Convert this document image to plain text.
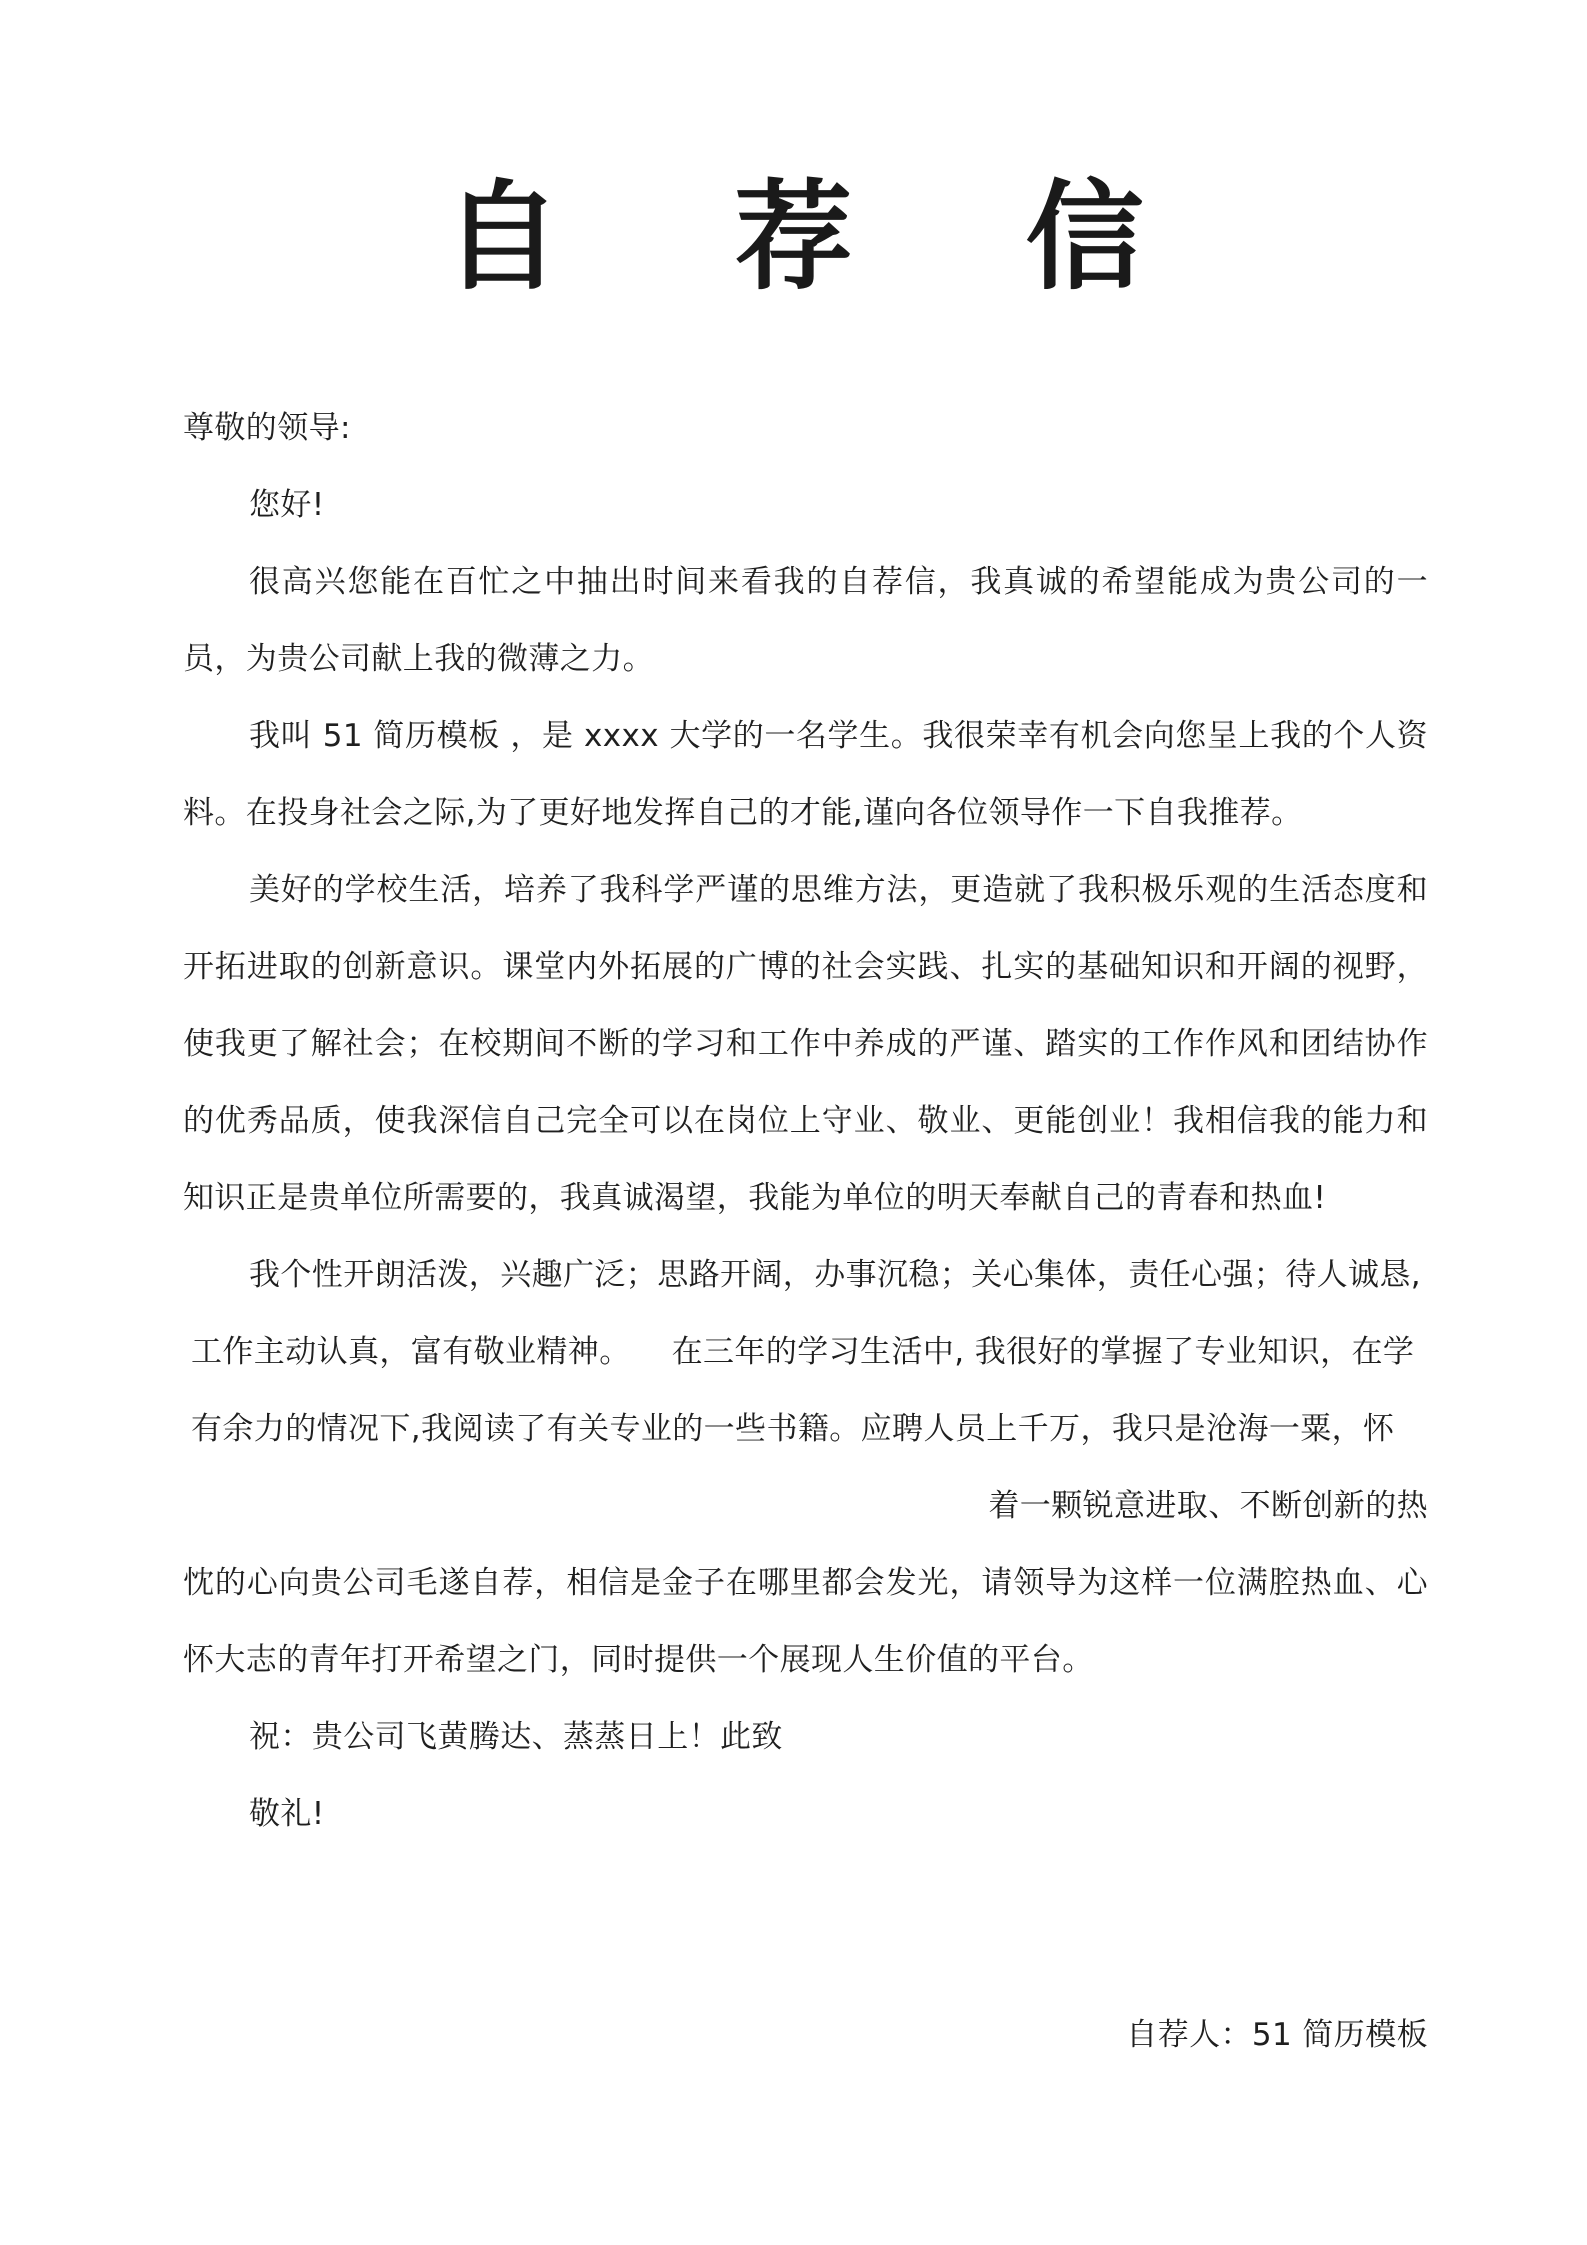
自 荐 信

尊敬的领导:

您好!

很高兴您能在百忙之中抽出时间来看我的自荐信，我真诚的希望能成为贵公司的一员，为贵公司献上我的微薄之力。

我叫 51 简历模板 ，是 xxxx 大学的一名学生。我很荣幸有机会向您呈上我的个人资料。在投身社会之际,为了更好地发挥自己的才能,谨向各位领导作一下自我推荐。

美好的学校生活，培养了我科学严谨的思维方法，更造就了我积极乐观的生活态度和开拓进取的创新意识。课堂内外拓展的广博的社会实践、扎实的基础知识和开阔的视野，使我更了解社会；在校期间不断的学习和工作中养成的严谨、踏实的工作作风和团结协作的优秀品质，使我深信自己完全可以在岗位上守业、敬业、更能创业！我相信我的能力和知识正是贵单位所需要的，我真诚渴望，我能为单位的明天奉献自己的青春和热血!

我个性开朗活泼，兴趣广泛；思路开阔，办事沉稳；关心集体，责任心强；待人诚恳,

工作主动认真，富有敬业精神。    在三年的学习生活中, 我很好的掌握了专业知识，在学

有余力的情况下,我阅读了有关专业的一些书籍。应聘人员上千万，我只是沧海一粟，怀

着一颗锐意进取、不断创新的热

忱的心向贵公司毛遂自荐，相信是金子在哪里都会发光，请领导为这样一位满腔热血、心怀大志的青年打开希望之门，同时提供一个展现人生价值的平台。

祝：贵公司飞黄腾达、蒸蒸日上！此致

敬礼!

自荐人：51 简历模板
